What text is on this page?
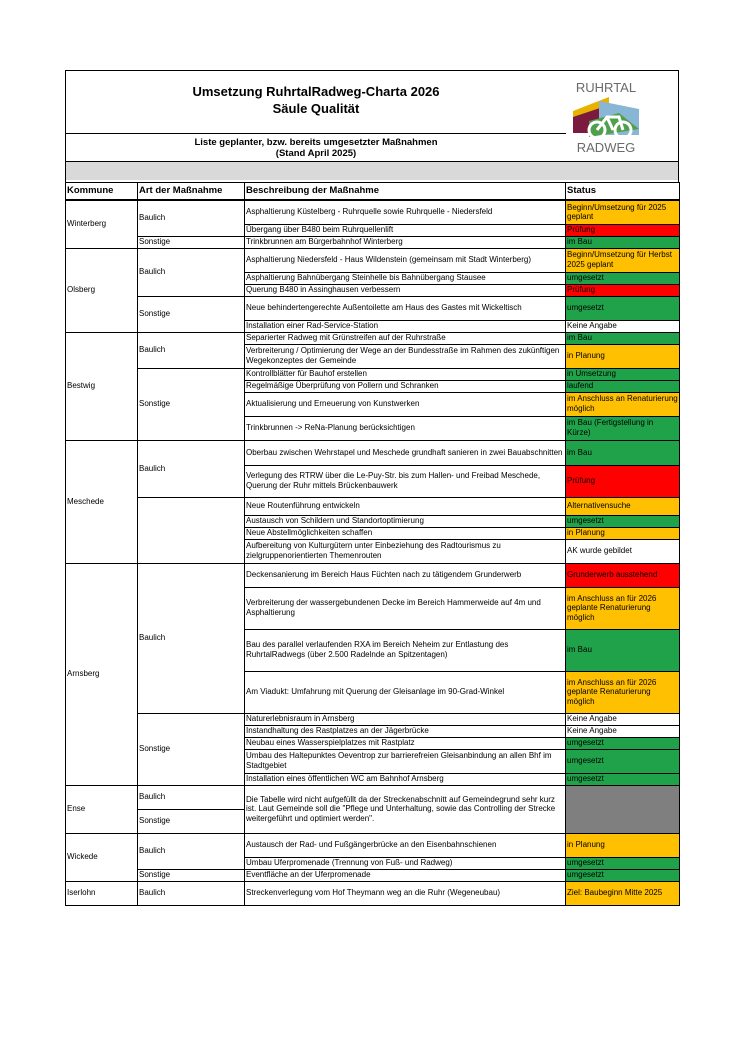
Umsetzung RuhrtalRadweg-Charta 2026
Säule Qualität
RUHRTAL
RADWEG
Liste geplanter, bzw. bereits umgesetzter Maßnahmen
(Stand April 2025)
Kommune	Art der Maßnahme	Beschreibung der Maßnahme	Status
Winterberg	Baulich	Asphaltierung Küstelberg - Ruhrquelle sowie Ruhrquelle - Niedersfeld	Beginn/Umsetzung für 2025 geplant
		Übergang über B480 beim Ruhrquellenlift	Prüfung
	Sonstige	Trinkbrunnen am Bürgerbahnhof Winterberg	im Bau
Olsberg	Baulich	Asphaltierung Niedersfeld - Haus Wildenstein (gemeinsam mit Stadt Winterberg)	Beginn/Umsetzung für Herbst 2025 geplant
		Asphaltierung Bahnübergang Steinhelle bis Bahnübergang Stausee	umgesetzt
		Querung B480 in Assinghausen verbessern	Prüfung
	Sonstige	Neue behindertengerechte Außentoilette am Haus des Gastes mit Wickeltisch	umgesetzt
		Installation einer Rad-Service-Station	Keine Angabe
Bestwig	Baulich	Separierter Radweg mit Grünstreifen auf der Ruhrstraße	im Bau
		Verbreiterung / Optimierung der Wege an der Bundesstraße im Rahmen des zukünftigen Wegekonzeptes der Gemeinde	in Planung
	Sonstige	Kontrollblätter für Bauhof erstellen	in Umsetzung
		Regelmäßige Überprüfung von Pollern und Schranken	laufend
		Aktualisierung und Erneuerung von Kunstwerken	im Anschluss an Renaturierung möglich
		Trinkbrunnen -> ReNa-Planung berücksichtigen	im Bau (Fertigstellung in Kürze)
Meschede	Baulich	Oberbau zwischen Wehrstapel und Meschede grundhaft sanieren in zwei Bauabschnitten	im Bau
		Verlegung des RTRW über die Le-Puy-Str. bis zum Hallen- und Freibad Meschede, Querung der Ruhr mittels Brückenbauwerk	Prüfung
		Neue Routenführung entwickeln	Alternativensuche
		Austausch von Schildern und Standortoptimierung	umgesetzt
		Neue Abstellmöglichkeiten schaffen	in Planung
		Aufbereitung von Kulturgütern unter Einbeziehung des Radtourismus zu zielgruppenorientierten Themenrouten	AK wurde gebildet
Arnsberg	Baulich	Deckensanierung im Bereich Haus Füchten nach zu tätigendem Grunderwerb	Grunderwerb ausstehend
		Verbreiterung der wassergebundenen Decke im Bereich Hammerweide auf 4m und Asphaltierung	im Anschluss an für 2026 geplante Renaturierung möglich
		Bau des parallel verlaufenden RXA im Bereich Neheim zur Entlastung des RuhrtalRadwegs (über 2.500 Radelnde an Spitzentagen)	im Bau
		Am Viadukt: Umfahrung mit Querung der Gleisanlage im 90-Grad-Winkel	im Anschluss an für 2026 geplante Renaturierung möglich
	Sonstige	Naturerlebnisraum in Arnsberg	Keine Angabe
		Instandhaltung des Rastplatzes an der Jägerbrücke	Keine Angabe
		Neubau eines Wasserspielplatzes mit Rastplatz	umgesetzt
		Umbau des Haltepunktes Oeventrop zur barrierefreien Gleisanbindung an allen Bhf im Stadtgebiet	umgesetzt
		Installation eines öffentlichen WC am Bahnhof Arnsberg	umgesetzt
Ense	Baulich	Die Tabelle wird nicht aufgefüllt da der Streckenabschnitt auf Gemeindegrund sehr kurz ist. Laut Gemeinde soll die "Pflege und Unterhaltung, sowie das Controlling der Strecke weitergeführt und optimiert werden".	
	Sonstige		
Wickede	Baulich	Austausch der Rad- und Fußgängerbrücke an den Eisenbahnschienen	in Planung
		Umbau Uferpromenade (Trennung von Fuß- und Radweg)	umgesetzt
	Sonstige	Eventfläche an der Uferpromenade	umgesetzt
Iserlohn	Baulich	Streckenverlegung vom Hof Theymann weg an die Ruhr (Wegeneubau)	Ziel: Baubeginn Mitte 2025
